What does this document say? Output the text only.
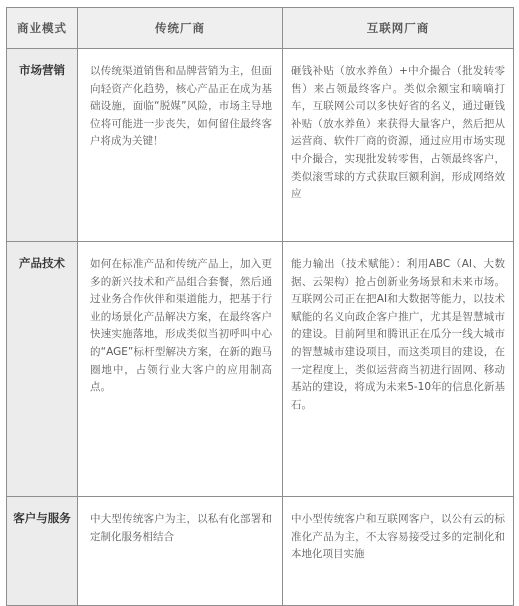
商业模式	传统厂商	互联网厂商

市场营销	以传统渠道销售和品牌营销为主，但面向轻资产化趋势，核心产品正在成为基础设施，面临“脱媒”风险，市场主导地位将可能进一步丧失，如何留住最终客户将成为关键！	砸钱补贴（放水养鱼）+中介撮合（批发转零售）来占领最终客户。类似余额宝和嘀嘀打车，互联网公司以多快好省的名义，通过砸钱补贴（放水养鱼）来获得大量客户，然后把从运营商、软件厂商的资源，通过应用市场实现中介撮合，实现批发转零售，占领最终客户，类似滚雪球的方式获取巨额利润，形成网络效应

产品技术	如何在标准产品和传统产品上，加入更多的新兴技术和产品组合套餐，然后通过业务合作伙伴和渠道能力，把基于行业的场景化产品解决方案，在最终客户快速实施落地，形成类似当初呼叫中心的“AGE”标杆型解决方案，在新的跑马圈地中，占领行业大客户的应用制高点。	能力输出（技术赋能）：利用ABC（AI、大数据、云架构）抢占创新业务场景和未来市场。互联网公司正在把AI和大数据等能力，以技术赋能的名义向政企客户推广，尤其是智慧城市的建设。目前阿里和腾讯正在瓜分一线大城市的智慧城市建设项目，而这类项目的建设，在一定程度上，类似运营商当初进行固网、移动基站的建设，将成为未来5-10年的信息化新基石。

客户与服务	中大型传统客户为主，以私有化部署和定制化服务相结合	中小型传统客户和互联网客户，以公有云的标准化产品为主，不太容易接受过多的定制化和本地化项目实施
